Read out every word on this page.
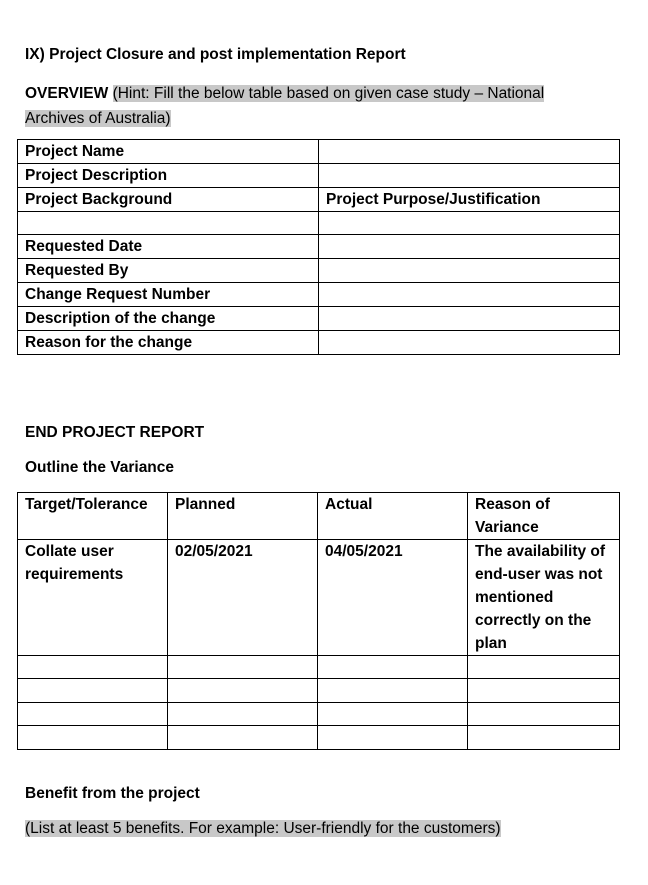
IX) Project Closure and post implementation Report
OVERVIEW (Hint: Fill the below table based on given case study – National
Archives of Australia)
Project Name	
Project Description	
Project Background	Project Purpose/Justification

Requested Date	
Requested By	
Change Request Number	
Description of the change	
Reason for the change	
END PROJECT REPORT
Outline the Variance
Target/Tolerance	Planned	Actual	Reason of Variance
Collate user requirements	02/05/2021	04/05/2021	The availability of end-user was not mentioned correctly on the plan

Benefit from the project
(List at least 5 benefits. For example: User-friendly for the customers)
